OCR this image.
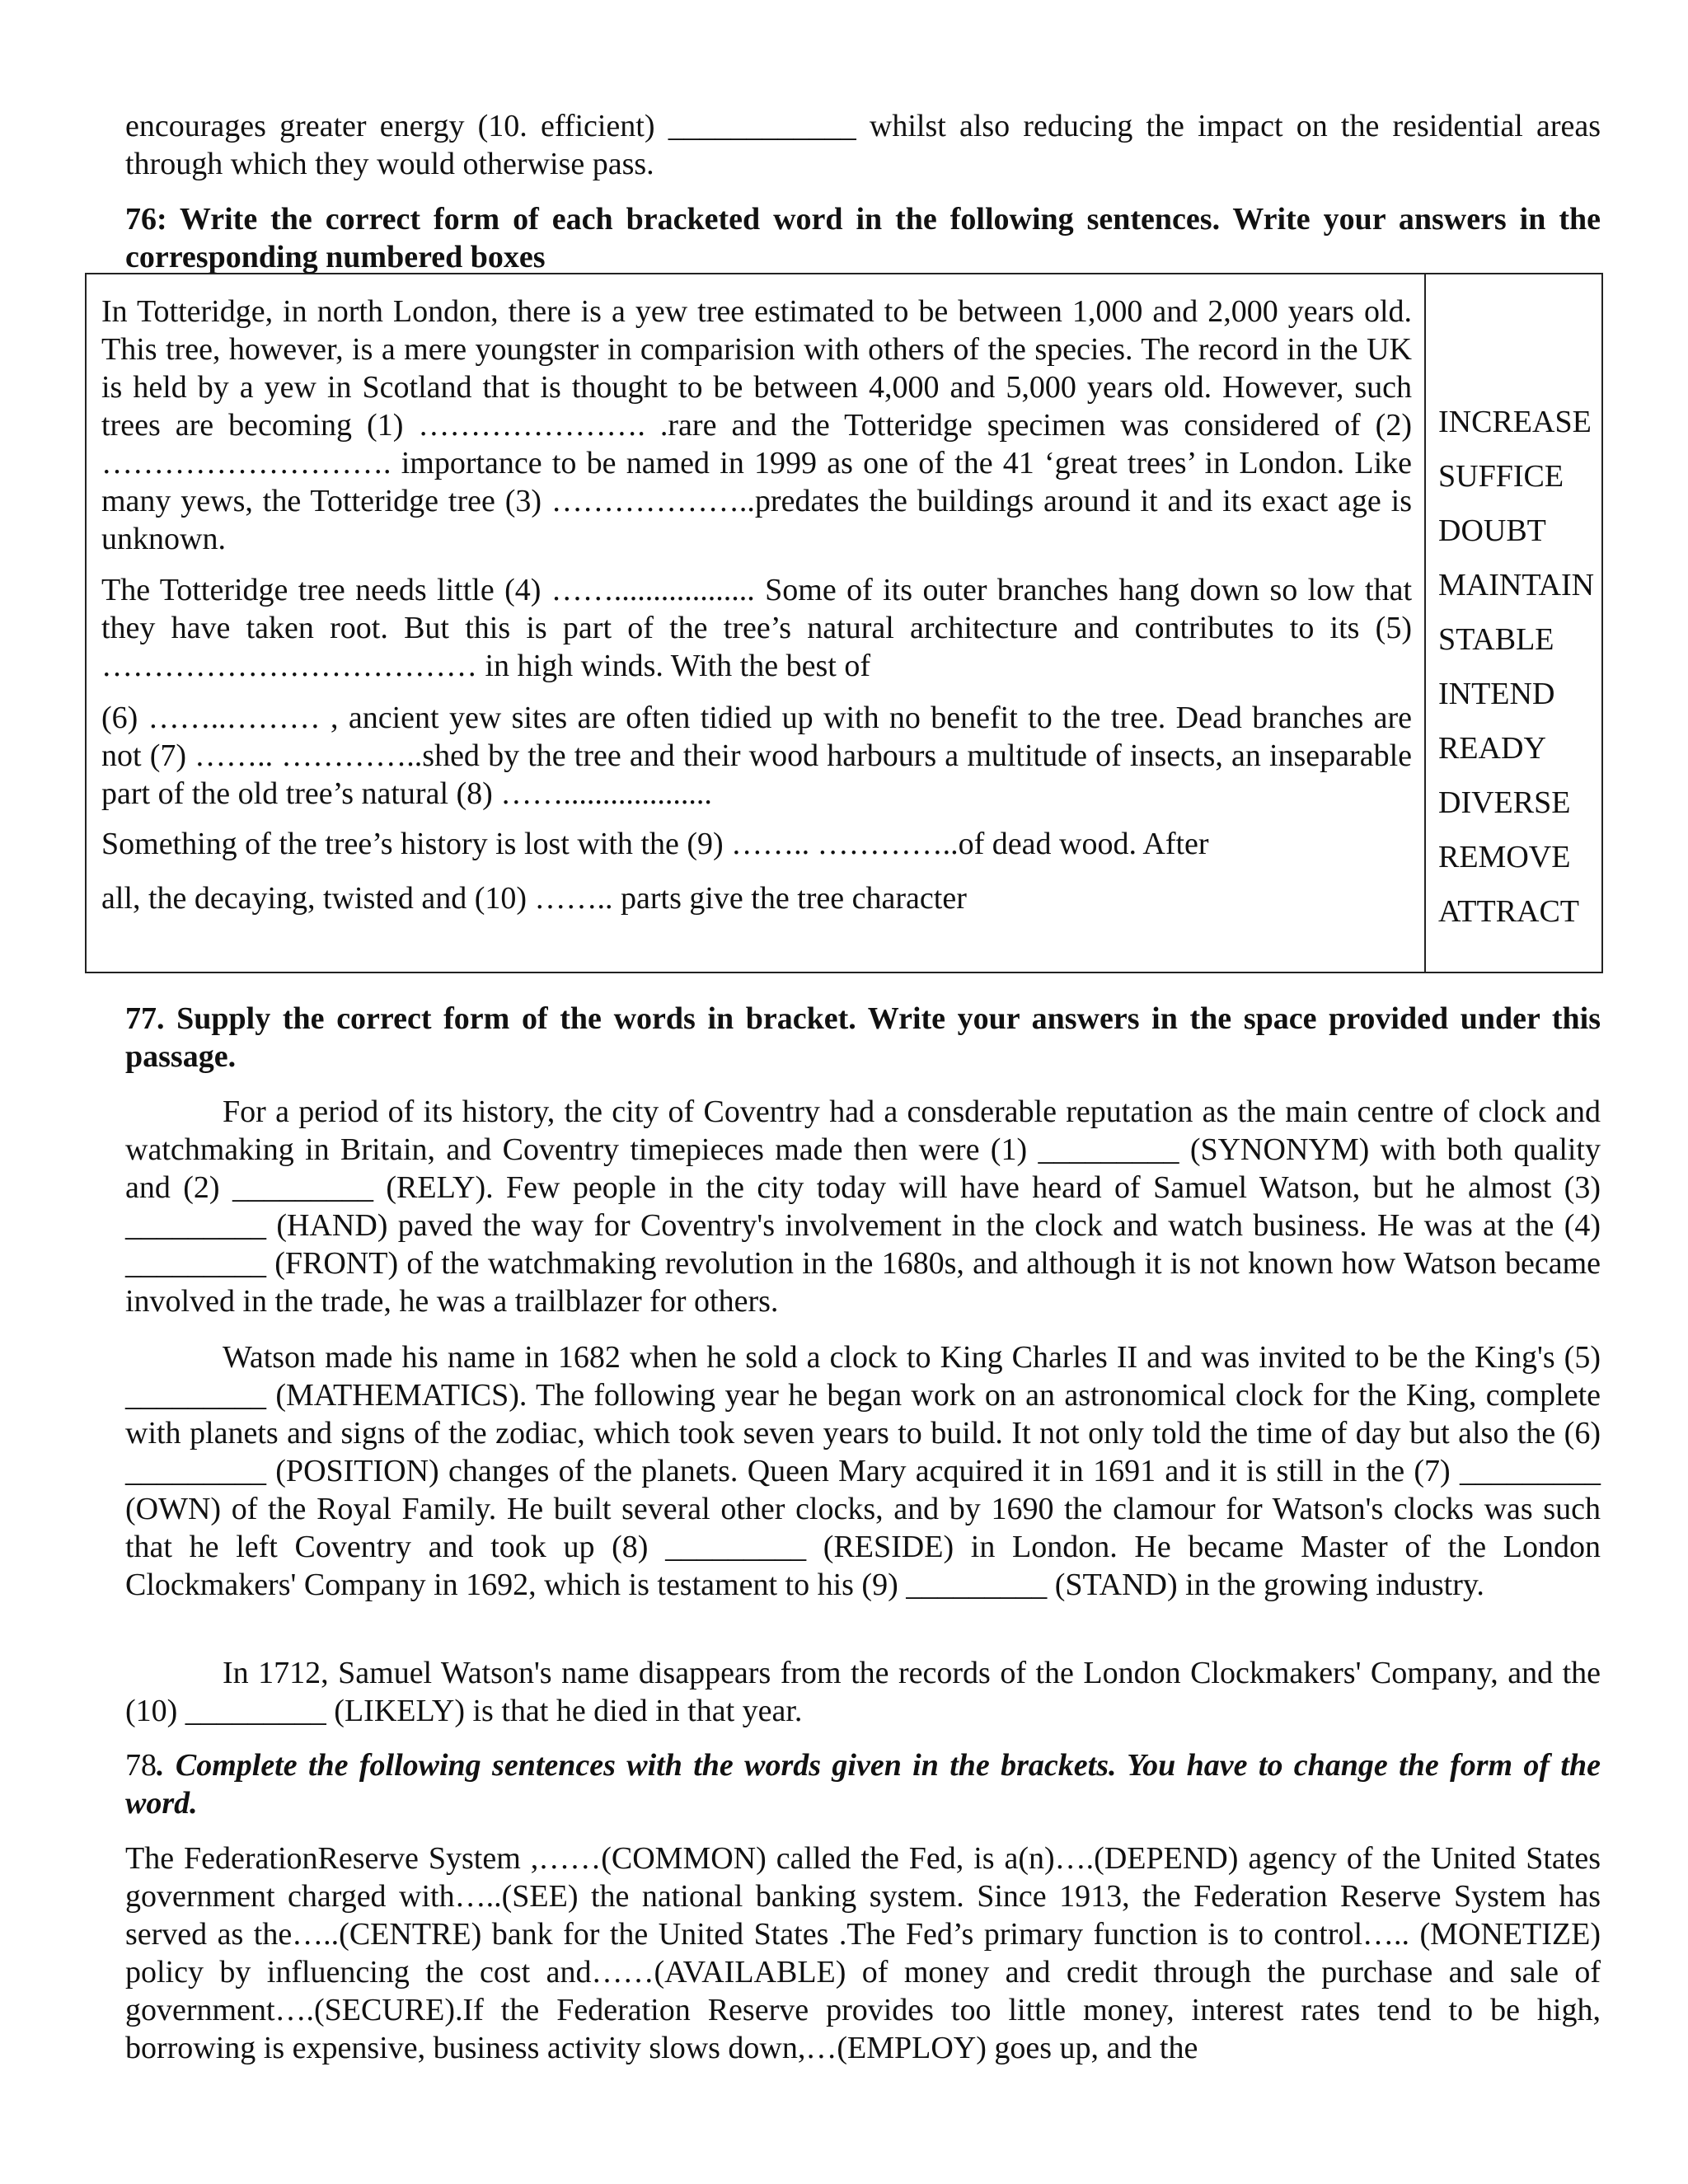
encourages greater energy (10. efficient) ____________ whilst also reducing the impact on the residential areas through which they would otherwise pass.

76: Write the correct form of each bracketed word in the following sentences. Write your answers in the corresponding numbered boxes

In Totteridge, in north London, there is a yew tree estimated to be between 1,000 and 2,000 years old. This tree, however, is a mere youngster in comparision with others of the species. The record in the UK is held by a yew in Scotland that is thought to be between 4,000 and 5,000 years old. However, such trees are becoming (1) …………………. .rare and the Totteridge specimen was considered of (2) ………………………. importance to be named in 1999 as one of the 41 ‘great trees’ in London. Like many yews, the Totteridge tree (3) ………………..predates the buildings around it and its exact age is unknown.

The Totteridge tree needs little (4) …….................. Some of its outer branches hang down so low that they have taken root. But this is part of the tree’s natural architecture and contributes to its (5) ……………………………… in high winds. With the best of

(6) ……..……… , ancient yew sites are often tidied up with no benefit to the tree. Dead branches are not (7) …….. …………..shed by the tree and their wood harbours a multitude of insects, an inseparable part of the old tree’s natural (8) ……...................

Something of the tree’s history is lost with the (9) …….. …………..of dead wood. After

all, the decaying, twisted and (10) …….. parts give the tree character

INCREASE
SUFFICE
DOUBT
MAINTAIN
STABLE
INTEND
READY
DIVERSE
REMOVE
ATTRACT

77. Supply the correct form of the words in bracket. Write your answers in the space provided under this passage.

For a period of its history, the city of Coventry had a consderable reputation as the main centre of clock and watchmaking in Britain, and Coventry timepieces made then were (1) _________ (SYNONYM) with both quality and (2) _________ (RELY). Few people in the city today will have heard of Samuel Watson, but he almost (3) _________ (HAND) paved the way for Coventry's involvement in the clock and watch business. He was at the (4) _________ (FRONT) of the watchmaking revolution in the 1680s, and although it is not known how Watson became involved in the trade, he was a trailblazer for others.

Watson made his name in 1682 when he sold a clock to King Charles II and was invited to be the King's (5) _________ (MATHEMATICS). The following year he began work on an astronomical clock for the King, complete with planets and signs of the zodiac, which took seven years to build. It not only told the time of day but also the (6) _________ (POSITION) changes of the planets. Queen Mary acquired it in 1691 and it is still in the (7) _________ (OWN) of the Royal Family. He built several other clocks, and by 1690 the clamour for Watson's clocks was such that he left Coventry and took up (8) _________ (RESIDE) in London. He became Master of the London Clockmakers' Company in 1692, which is testament to his (9) _________ (STAND) in the growing industry.

In 1712, Samuel Watson's name disappears from the records of the London Clockmakers' Company, and the (10) _________ (LIKELY) is that he died in that year.

78. Complete the following sentences with the words given in the brackets. You have to change the form of the word.

The FederationReserve System ,……(COMMON) called the Fed, is a(n)….(DEPEND) agency of the United States government charged with…..(SEE) the national banking system. Since 1913, the Federation Reserve System has served as the…..(CENTRE) bank for the United States .The Fed’s primary function is to control….. (MONETIZE) policy by influencing the cost and……(AVAILABLE) of money and credit through the purchase and sale of government….(SECURE).If the Federation Reserve provides too little money, interest rates tend to be high, borrowing is expensive, business activity slows down,…(EMPLOY) goes up, and the
